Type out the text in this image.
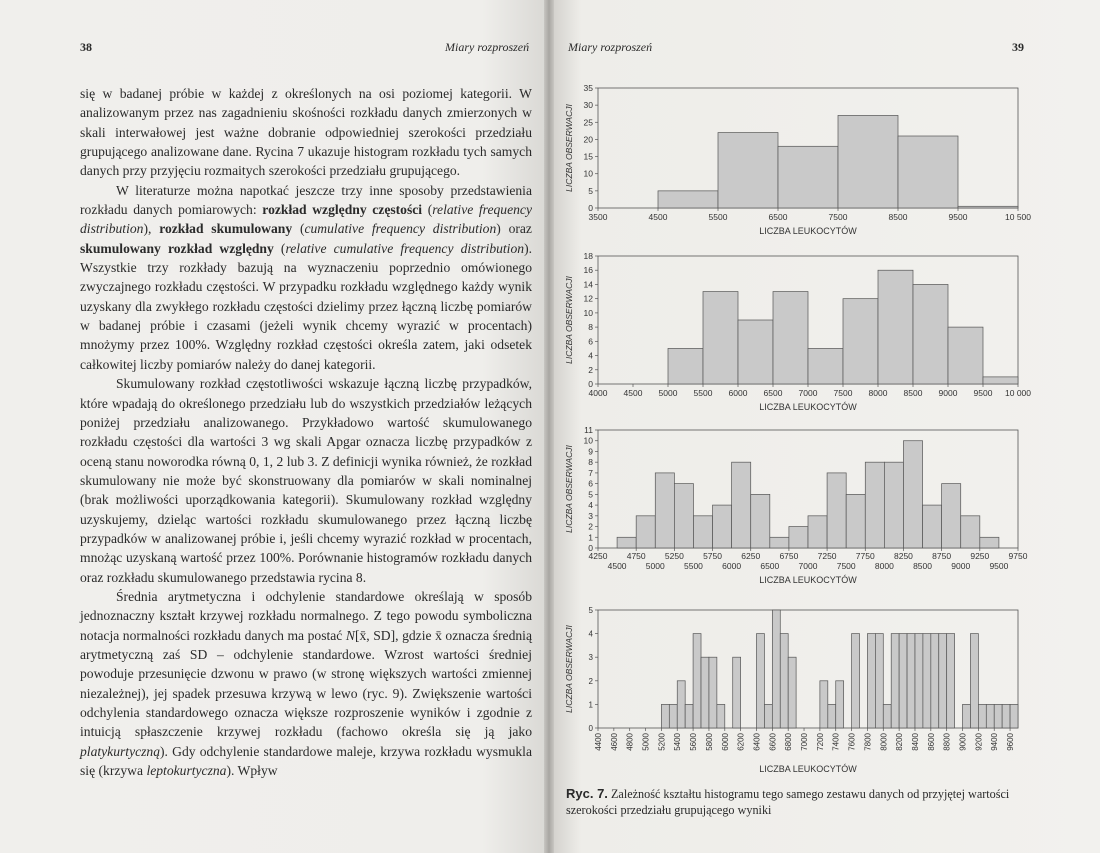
38	Miary rozproszeń

się w badanej próbie w każdej z określonych na osi poziomej kategorii. W analizowanym przez nas zagadnieniu skośności rozkładu danych zmierzonych w skali interwałowej jest ważne dobranie odpowiedniej szerokości przedziału grupującego analizowane dane. Rycina 7 ukazuje histogram rozkładu tych samych danych przy przyjęciu rozmaitych szerokości przedziału grupującego.

W literaturze można napotkać jeszcze trzy inne sposoby przedstawienia rozkładu danych pomiarowych: rozkład względny częstości (relative frequency distribution), rozkład skumulowany (cumulative frequency distribution) oraz skumulowany rozkład względny (relative cumulative frequency distribution). Wszystkie trzy rozkłady bazują na wyznaczeniu poprzednio omówionego zwyczajnego rozkładu częstości. W przypadku rozkładu względnego każdy wynik uzyskany dla zwykłego rozkładu częstości dzielimy przez łączną liczbę pomiarów w badanej próbie i czasami (jeżeli wynik chcemy wyrazić w procentach) mnożymy przez 100%. Względny rozkład częstości określa zatem, jaki odsetek całkowitej liczby pomiarów należy do danej kategorii.

Skumulowany rozkład częstotliwości wskazuje łączną liczbę przypadków, które wpadają do określonego przedziału lub do wszystkich przedziałów leżących poniżej przedziału analizowanego. Przykładowo wartość skumulowanego rozkładu częstości dla wartości 3 wg skali Apgar oznacza liczbę przypadków z oceną stanu noworodka równą 0, 1, 2 lub 3. Z definicji wynika również, że rozkład skumulowany nie może być skonstruowany dla pomiarów w skali nominalnej (brak możliwości uporządkowania kategorii). Skumulowany rozkład względny uzyskujemy, dzieląc wartości rozkładu skumulowanego przez łączną liczbę przypadków w analizowanej próbie i, jeśli chcemy wyrazić rozkład w procentach, mnożąc uzyskaną wartość przez 100%. Porównanie histogramów rozkładu danych oraz rozkładu skumulowanego przedstawia rycina 8.

Średnia arytmetyczna i odchylenie standardowe określają w sposób jednoznaczny kształt krzywej rozkładu normalnego. Z tego powodu symboliczna notacja normalności rozkładu danych ma postać N[x̄, SD], gdzie x̄ oznacza średnią arytmetyczną zaś SD – odchylenie standardowe. Wzrost wartości średniej powoduje przesunięcie dzwonu w prawo (w stronę większych wartości zmiennej niezależnej), jej spadek przesuwa krzywą w lewo (ryc. 9). Zwiększenie wartości odchylenia standardowego oznacza większe rozproszenie wyników i zgodnie z intuicją spłaszczenie krzywej rozkładu (fachowo określa się ją jako platykurtyczną). Gdy odchylenie standardowe maleje, krzywa rozkładu wysmukla się (krzywa leptokurtyczna). Wpływ

Miary rozproszeń	39
0
5
10
15
20
25
30
35
3500	4500	5500	6500	7500	8500	9500	10 500
LICZBA LEUKOCYTÓW
LICZBA OBSERWACJI
0
2
4
6
8
10
12
14
16
18
4000 4500 5000 5500 6000 6500 7000 7500 8000 8500 9000 9500 10 000
LICZBA LEUKOCYTÓW
LICZBA OBSERWACJI
0
1
2
3
4
5
6
7
8
9
10
11
4250 4750 5250 5750 6250 6750 7250 7750 8250 8750 9250 9750
4500 5000 5500 6000 6500 7000 7500 8000 8500 9000 9500
LICZBA LEUKOCYTÓW
LICZBA OBSERWACJI
0
1
2
3
4
5
4400 4600 4800 5000 5200 5400 5600 5800 6000 6200 6400 6600 6800 7000 7200 7400 7600 7800 8000 8200 8400 8600 8800 9000 9200 9400 9600
LICZBA LEUKOCYTÓW
LICZBA OBSERWACJI
Ryc. 7. Zależność kształtu histogramu tego samego zestawu danych od przyjętej wartości szerokości przedziału grupującego wyniki
